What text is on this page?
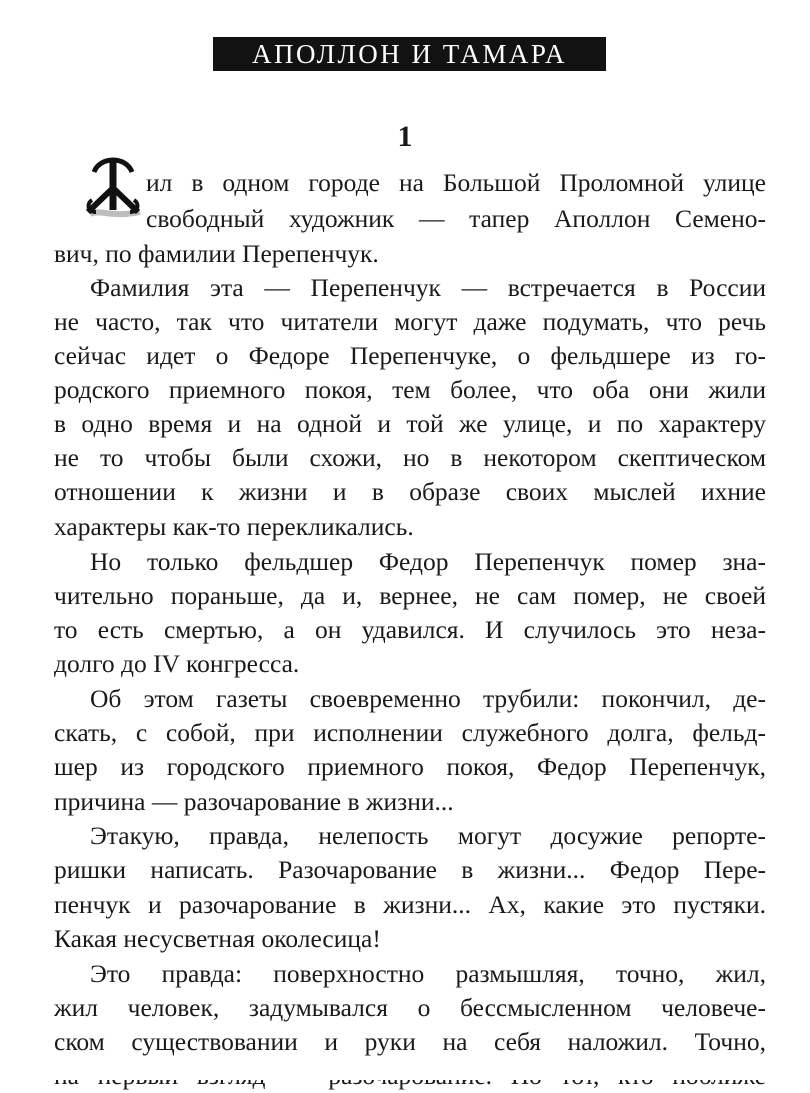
АПОЛЛОН И ТАМАРА
1
ил в одном городе на Большой Проломной улице
свободный художник — тапер Аполлон Семено-
вич, по фамилии Перепенчук.
Фамилия эта — Перепенчук — встречается в России
не часто, так что читатели могут даже подумать, что речь
сейчас идет о Федоре Перепенчуке, о фельдшере из го-
родского приемного покоя, тем более, что оба они жили
в одно время и на одной и той же улице, и по характеру
не то чтобы были схожи, но в некотором скептическом
отношении к жизни и в образе своих мыслей ихние
характеры как-то перекликались.
Но только фельдшер Федор Перепенчук помер зна-
чительно пораньше, да и, вернее, не сам помер, не своей
то есть смертью, а он удавился. И случилось это неза-
долго до IV конгресса.
Об этом газеты своевременно трубили: покончил, де-
скать, с собой, при исполнении служебного долга, фельд-
шер из городского приемного покоя, Федор Перепенчук,
причина — разочарование в жизни...
Этакую, правда, нелепость могут досужие репорте-
ришки написать. Разочарование в жизни... Федор Пере-
пенчук и разочарование в жизни... Ах, какие это пустяки.
Какая несусветная околесица!
Это правда: поверхностно размышляя, точно, жил,
жил человек, задумывался о бессмысленном человече-
ском существовании и руки на себя наложил. Точно,
